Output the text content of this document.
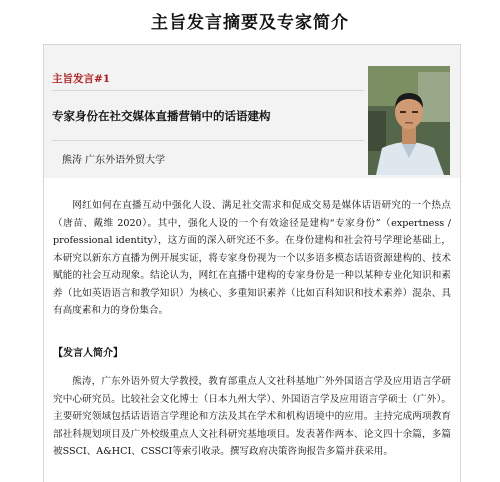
主旨发言摘要及专家简介
主旨发言#1
专家身份在社交媒体直播营销中的话语建构
熊涛 广东外语外贸大学

网红如何在直播互动中强化人设、满足社交需求和促成交易是媒体话语研究的一个热点（唐苗、戴维 2020）。其中，强化人设的一个有效途径是建构“专家身份”（expertness / professional identity），这方面的深入研究还不多。在身份建构和社会符号学理论基础上，本研究以新东方直播为例开展实证，将专家身份视为一个以多语多模态话语资源建构的、技术赋能的社会互动现象。结论认为，网红在直播中建构的专家身份是一种以某种专业化知识和素养（比如英语语言和教学知识）为核心、多重知识素养（比如百科知识和技术素养）混杂、具有高度素和力的身份集合。

【发言人简介】

熊涛，广东外语外贸大学教授，教育部重点人文社科基地广外外国语言学及应用语言学研究中心研究员。比较社会文化博士（日本九州大学）、外国语言学及应用语言学硕士（广外）。主要研究领域包括话语语言学理论和方法及其在学术和机构语境中的应用。主持完成两项教育部社科规划项目及广外校级重点人文社科研究基地项目。发表著作两本、论文四十余篇，多篇被SSCI、A&HCI、CSSCI等索引收录。撰写政府决策咨询报告多篇并获采用。
